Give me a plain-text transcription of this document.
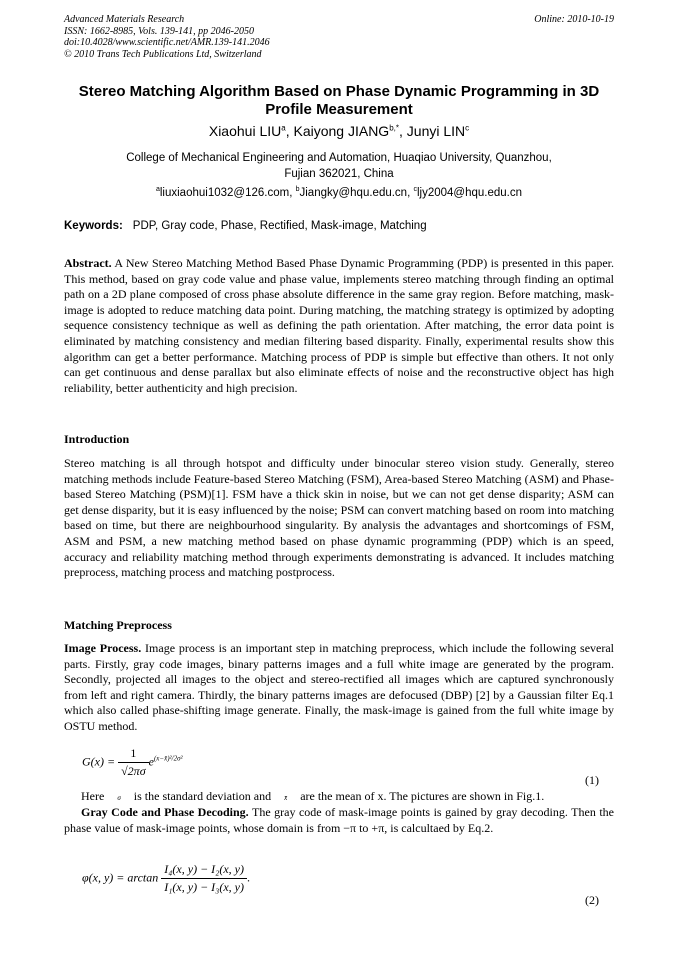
Advanced Materials Research
ISSN: 1662-8985, Vols. 139-141, pp 2046-2050
doi:10.4028/www.scientific.net/AMR.139-141.2046
© 2010 Trans Tech Publications Ltd, Switzerland
Online: 2010-10-19
Stereo Matching Algorithm Based on Phase Dynamic Programming in 3D Profile Measurement
Xiaohui LIU$^a$, Kaiyong $JIANG^{b,*}$, Junyi LIN$^c$
College of Mechanical Engineering and Automation, Huaqiao University, Quanzhou,
Fujian 362021, China
$^a$liuxiaohui1032@126.com, $^b$Jiangky@hqu.edu.cn, $^c$ljy2004@hqu.edu.cn
Keywords: PDP, Gray code, Phase, Rectified, Mask-image, Matching
Abstract. A New Stereo Matching Method Based Phase Dynamic Programming (PDP) is presented in this paper. This method, based on gray code value and phase value, implements stereo matching through finding an optimal path on a 2D plane composed of cross phase absolute difference in the same gray region. Before matching, mask-image is adopted to reduce matching data point. During matching, the matching strategy is optimized by adopting sequence consistency technique as well as defining the path orientation. After matching, the error data point is eliminated by matching consistency and median filtering based disparity. Finally, experimental results show this algorithm can get a better performance. Matching process of PDP is simple but effective than others. It not only can get continuous and dense parallax but also eliminate effects of noise and the reconstructive object has high reliability, better authenticity and high precision.
Introduction
Stereo matching is all through hotspot and difficulty under binocular stereo vision study. Generally, stereo matching methods include Feature-based Stereo Matching (FSM), Area-based Stereo Matching (ASM) and Phase-based Stereo Matching (PSM)[1]. FSM have a thick skin in noise, but we can not get dense disparity; ASM can get dense disparity, but it is easy influenced by the noise; PSM can convert matching based on room into matching based on time, but there are neighbourhood singularity. By analysis the advantages and shortcomings of FSM, ASM and PSM, a new matching method based on phase dynamic programming (PDP) which is an speed, accuracy and reliability matching method through experiments demonstrating is advanced. It includes matching preprocess, matching process and matching postprocess.
Matching Preprocess
Image Process. Image process is an important step in matching preprocess, which include the following several parts. Firstly, gray code images, binary patterns images and a full white image are generated by the program. Secondly, projected all images to the object and stereo-rectified all images which are captured synchronously from left and right camera. Thirdly, the binary patterns images are defocused (DBP) [2] by a Gaussian filter Eq.1 which also called phase-shifting image generate. Finally, the mask-image is gained from the full white image by OSTU method.
$G(x) = \frac{1}{√2\pi\sigma} e^{(x-x̄)^2/2\sigma^2}$
(1)
Here σ is the standard deviation and x̄ are the mean of x. The pictures are shown in Fig.1.
Gray Code and Phase Decoding. The gray code of mask-image points is gained by gray decoding. Then the phase value of mask-image points, whose domain is from −π to +π, is calcultaed by Eq.2.
φ(x, $y) = \arctan \frac{\text{I₄(x, y) − I₂(x, y)}}{\text{I₁(x, y) − I₃(x, y)}}$ .
(2)
